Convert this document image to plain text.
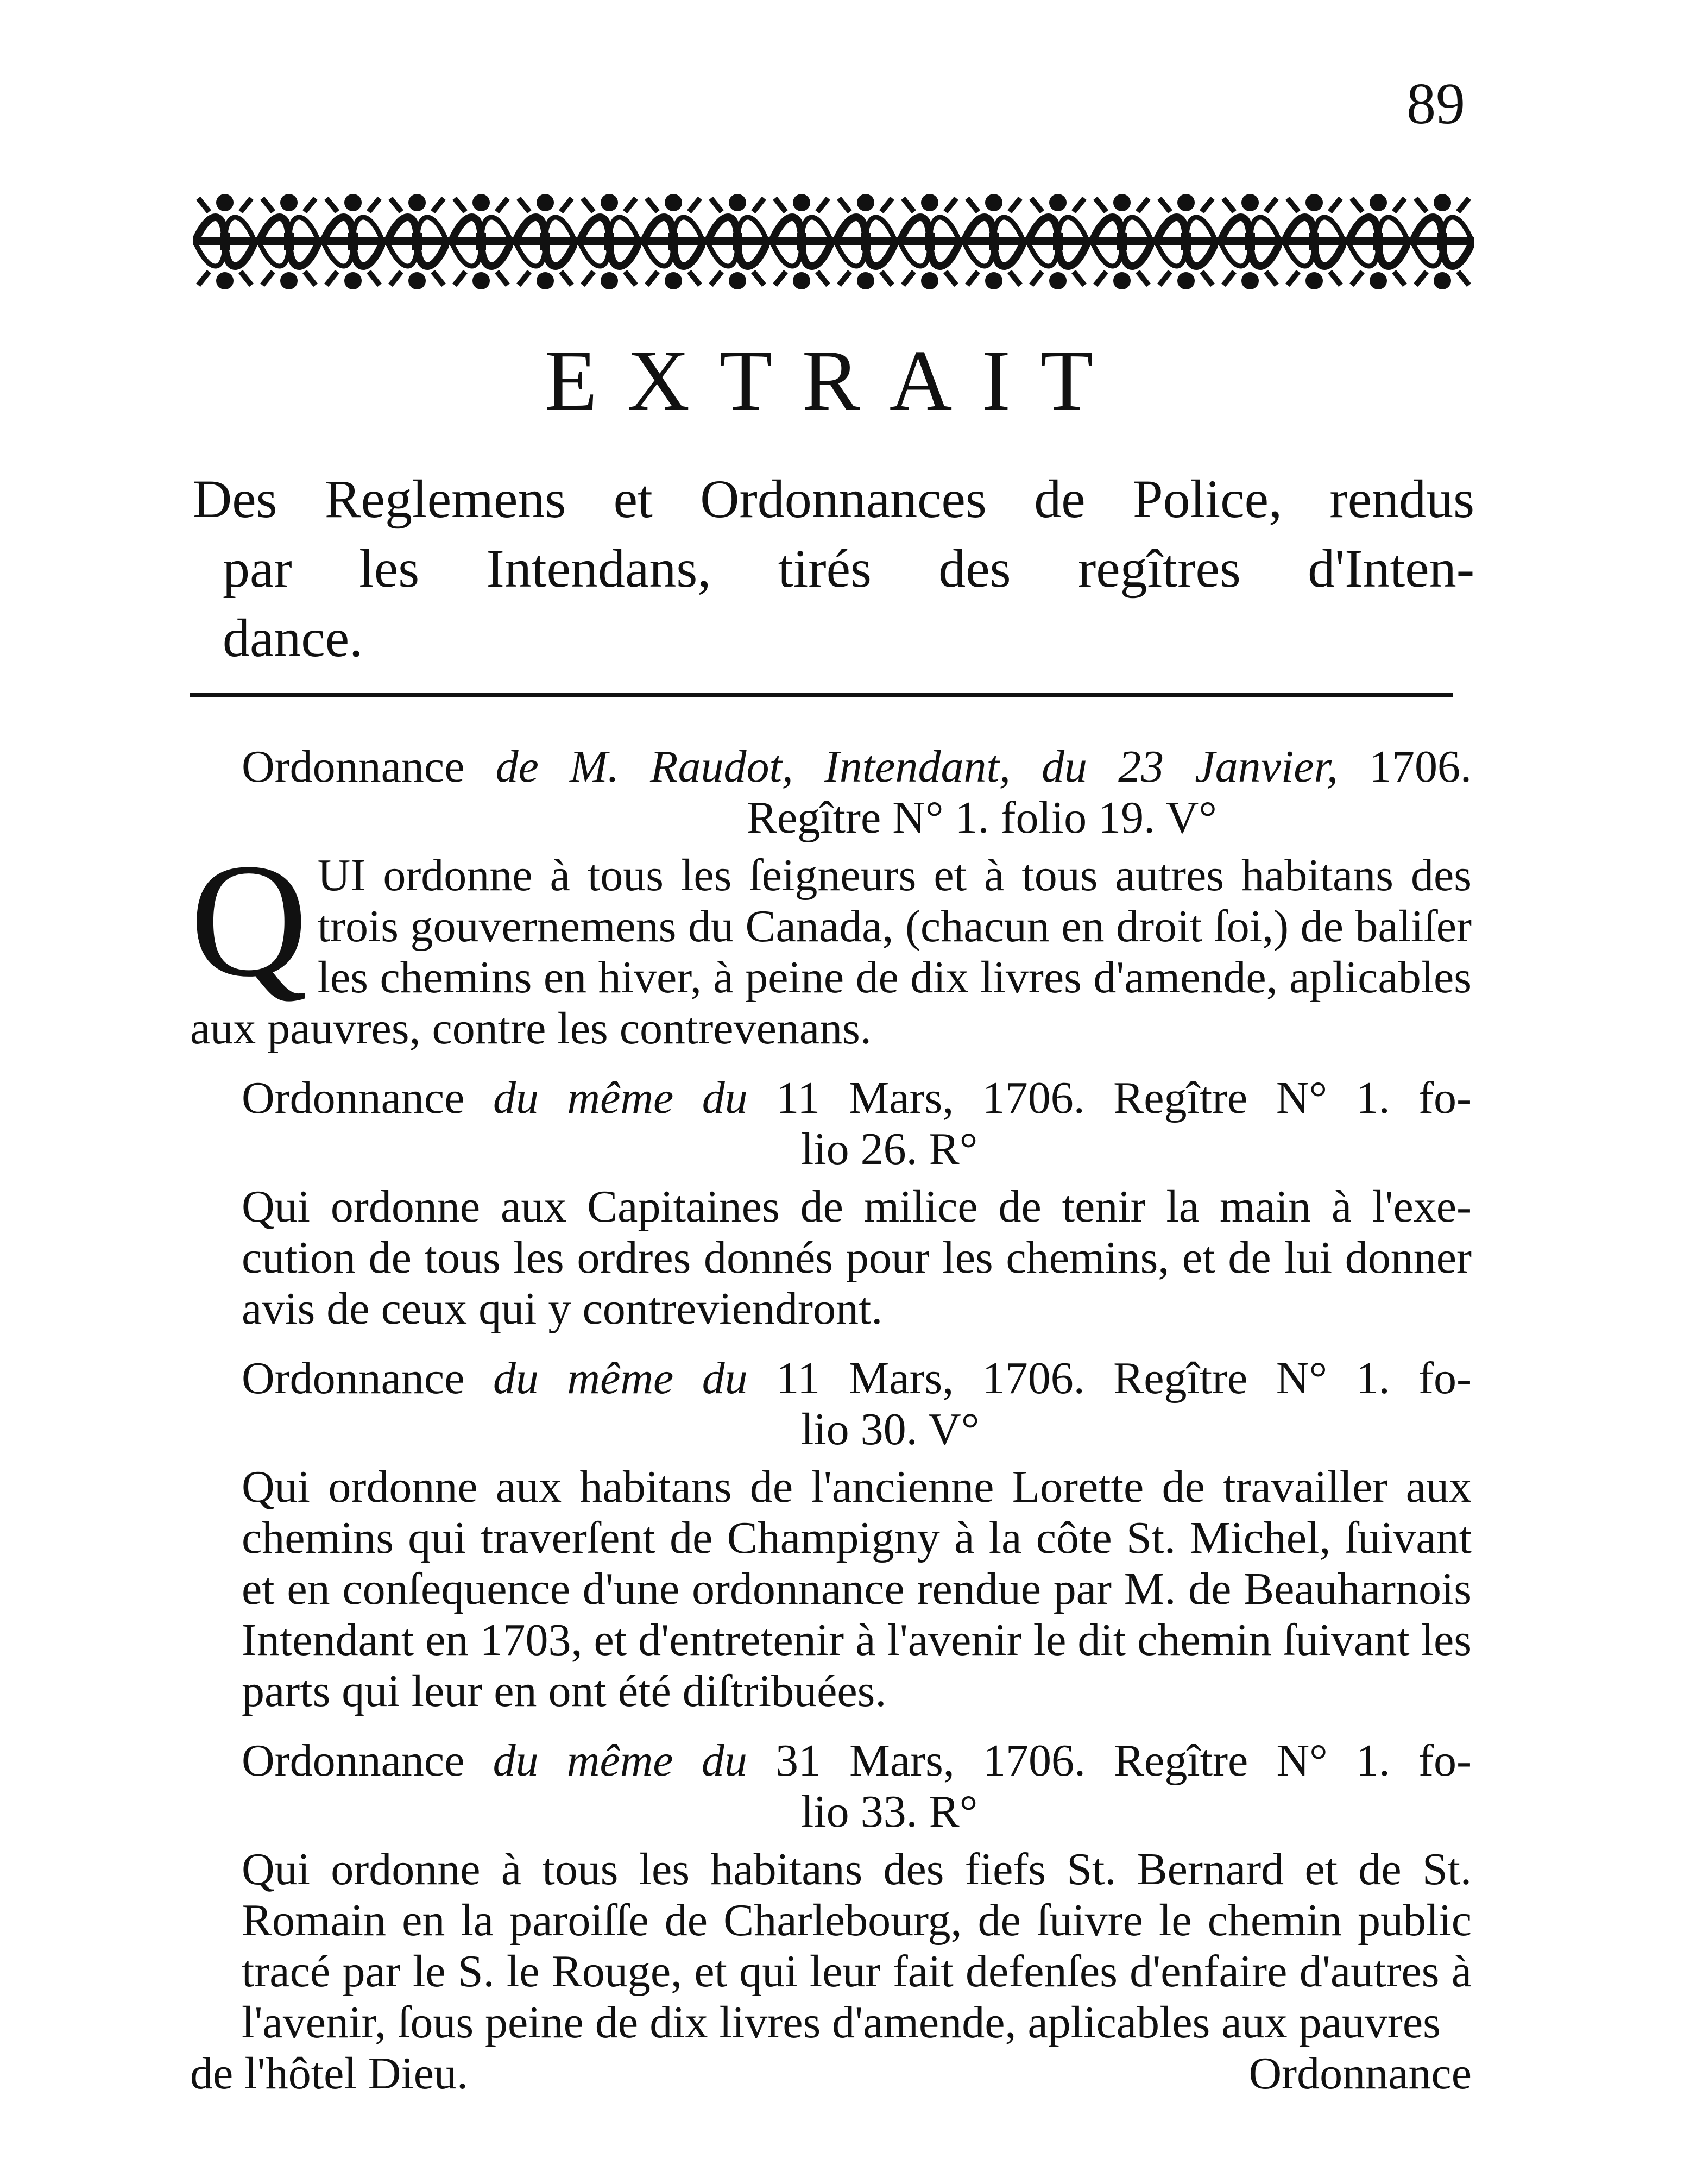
89
EXTRAIT
Des Reglemens et Ordonnances de Police, rendus
par les Intendans, tirés des regîtres d'Inten-
dance.
Ordonnance de M. Raudot, Intendant, du 23 Janvier, 1706.
Regître N° 1. folio 19. V°
QUI ordonne à tous les ſeigneurs et à tous autres habitans des trois gouvernemens du Canada, (chacun en droit ſoi,) de baliſer les chemins en hiver, à peine de dix livres d'amende, aplicables aux pauvres, contre les contrevenans.
Ordonnance du même du 11 Mars, 1706. Regître N° 1. fo-
lio 26. R°
Qui ordonne aux Capitaines de milice de tenir la main à l'exe-cution de tous les ordres donnés pour les chemins, et de lui donner avis de ceux qui y contreviendront.
Ordonnance du même du 11 Mars, 1706. Regître N° 1. fo-
lio 30. V°
Qui ordonne aux habitans de l'ancienne Lorette de travailler aux chemins qui traverſent de Champigny à la côte St. Michel, ſuivant et en conſequence d'une ordonnance rendue par M. de Beauharnois Intendant en 1703, et d'entretenir à l'avenir le dit chemin ſuivant les parts qui leur en ont été diſtribuées.
Ordonnance du même du 31 Mars, 1706. Regître N° 1. fo-
lio 33. R°
Qui ordonne à tous les habitans des fiefs St. Bernard et de St. Romain en la paroiſſe de Charlebourg, de ſuivre le chemin public tracé par le S. le Rouge, et qui leur fait defenſes d'enfaire d'autres à l'avenir, ſous peine de dix livres d'amende, aplicables aux pauvres
de l'hôtel Dieu.	Ordonnance
